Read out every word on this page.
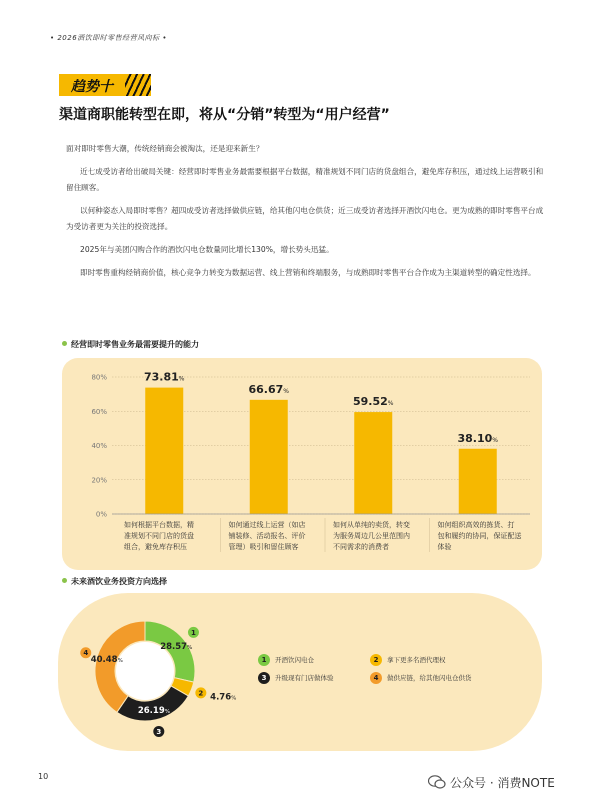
• 2026酒饮即时零售经营风向标 •
趋势十
渠道商职能转型在即，将从“分销”转型为“用户经营”

面对即时零售大潮，传统经销商会被淘汰，还是迎来新生？

近七成受访者给出破局关键：经营即时零售业务最需要根据平台数据，精准规划不同门店的货盘组合，避免库存积压，通过线上运营吸引和留住顾客。

以何种姿态入局即时零售？超四成受访者选择做供应链，给其他闪电仓供货；近三成受访者选择开酒饮闪电仓。更为成熟的即时零售平台成为受访者更为关注的投资选择。

2025年与美团闪购合作的酒饮闪电仓数量同比增长130%，增长势头迅猛。

即时零售重构经销商价值，核心竞争力转变为数据运营、线上营销和终端服务，与成熟即时零售平台合作成为主渠道转型的确定性选择。

经营即时零售业务最需要提升的能力
0%
20%
40%
60%
80%	73.81%
如何根据平台数据，精准规划不同门店的货盘组合，避免库存积压
66.67%
如何通过线上运营（如店铺装修、活动报名、评价管理）吸引和留住顾客
59.52%
如何从单纯的卖货，转变为服务周边几公里范围内不同需求的消费者
38.10%
如何组织高效的拣货、打包和履约的协同，保证配送体验
未来酒饮业务投资方向选择
28.57%
1
4.76%
2
26.19%
3
40.48%
4
1 开酒饮闪电仓	2 拿下更多名酒代理权
3 升级现有门店做体验	4 做供应链，给其他闪电仓供货
10	公众号 · 消费NOTE
